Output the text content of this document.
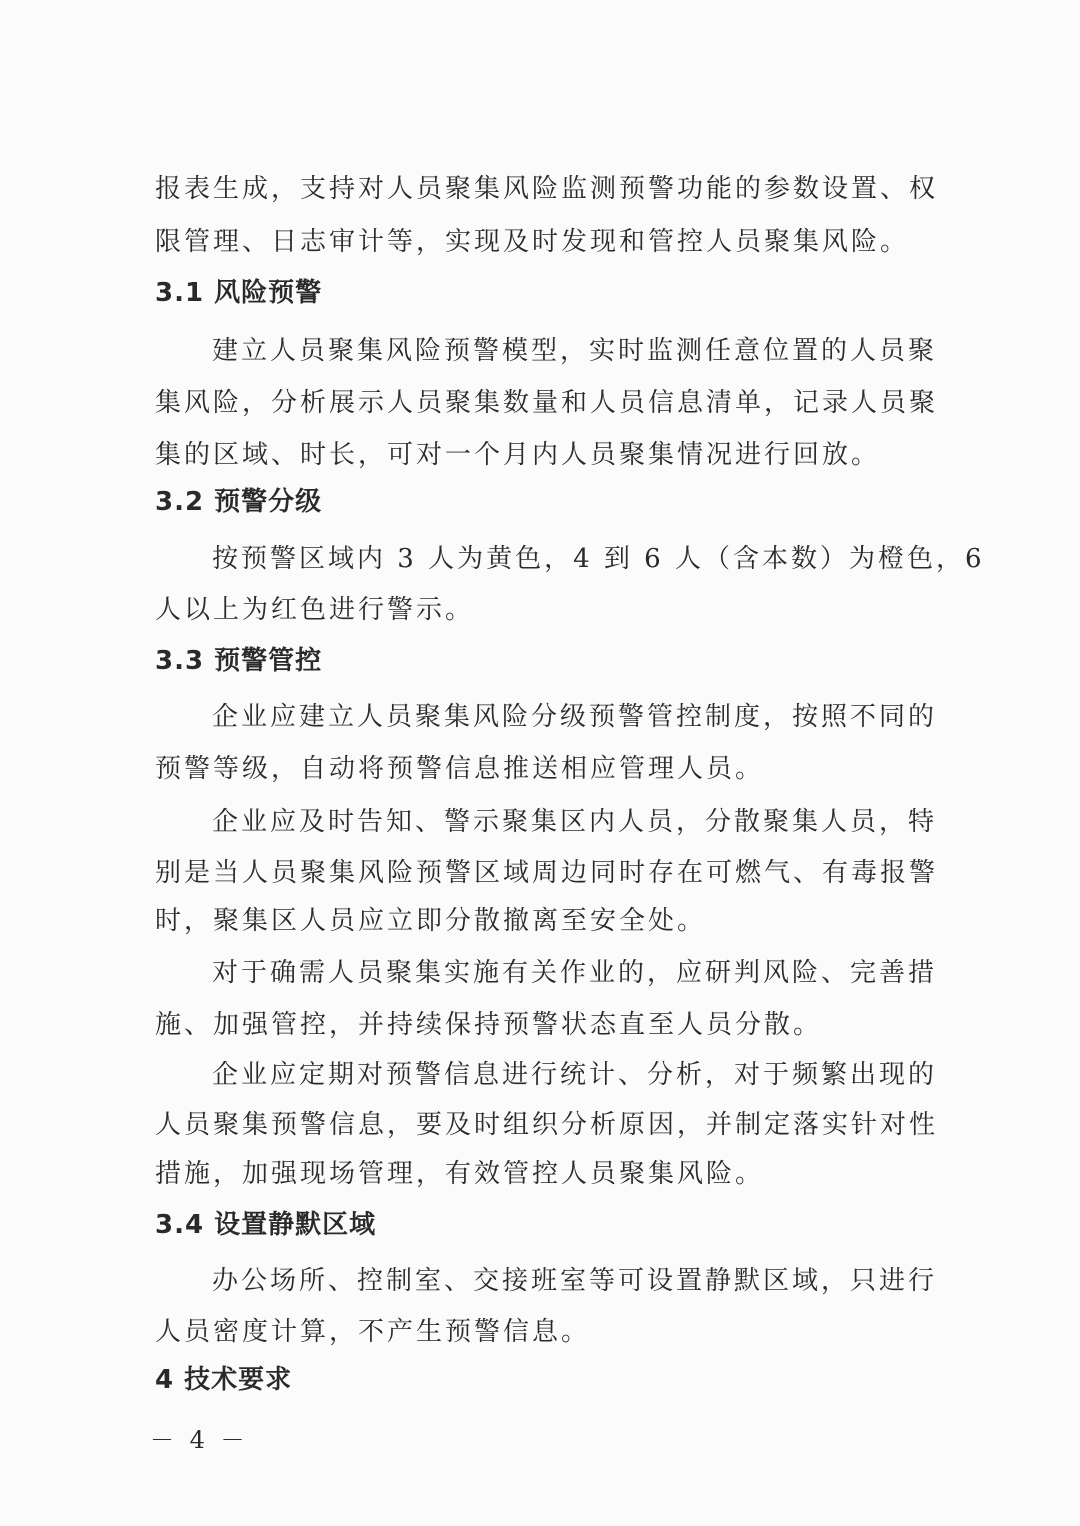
报表生成，支持对人员聚集风险监测预警功能的参数设置、权
限管理、日志审计等，实现及时发现和管控人员聚集风险。
3.1 风险预警
建立人员聚集风险预警模型，实时监测任意位置的人员聚
集风险，分析展示人员聚集数量和人员信息清单，记录人员聚
集的区域、时长，可对一个月内人员聚集情况进行回放。
3.2 预警分级
按预警区域内 3 人为黄色，4 到 6 人（含本数）为橙色，6
人以上为红色进行警示。
3.3 预警管控
企业应建立人员聚集风险分级预警管控制度，按照不同的
预警等级，自动将预警信息推送相应管理人员。
企业应及时告知、警示聚集区内人员，分散聚集人员，特
别是当人员聚集风险预警区域周边同时存在可燃气、有毒报警
时，聚集区人员应立即分散撤离至安全处。
对于确需人员聚集实施有关作业的，应研判风险、完善措
施、加强管控，并持续保持预警状态直至人员分散。
企业应定期对预警信息进行统计、分析，对于频繁出现的
人员聚集预警信息，要及时组织分析原因，并制定落实针对性
措施，加强现场管理，有效管控人员聚集风险。
3.4 设置静默区域
办公场所、控制室、交接班室等可设置静默区域，只进行
人员密度计算，不产生预警信息。
4 技术要求
－ 4 －
